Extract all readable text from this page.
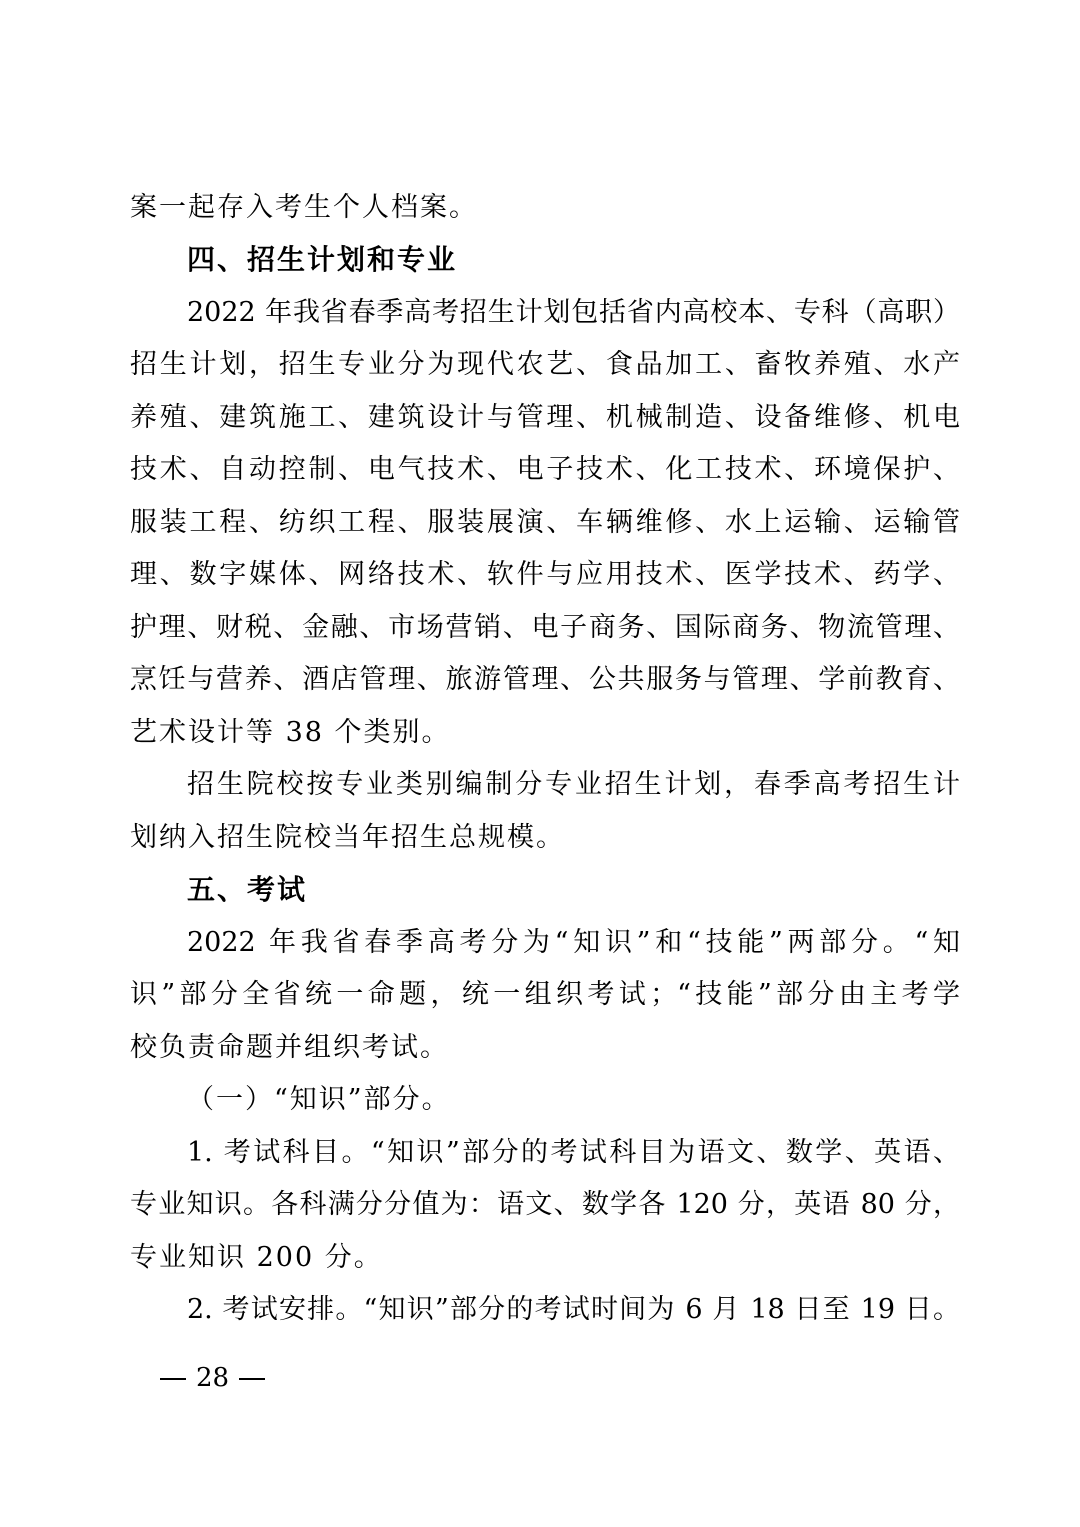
案一起存入考生个人档案。
四、招生计划和专业
2022 年我省春季高考招生计划包括省内高校本、专科（高职）
招生计划，招生专业分为现代农艺、食品加工、畜牧养殖、水产
养殖、建筑施工、建筑设计与管理、机械制造、设备维修、机电
技术、自动控制、电气技术、电子技术、化工技术、环境保护、
服装工程、纺织工程、服装展演、车辆维修、水上运输、运输管
理、数字媒体、网络技术、软件与应用技术、医学技术、药学、
护理、财税、金融、市场营销、电子商务、国际商务、物流管理、
烹饪与营养、酒店管理、旅游管理、公共服务与管理、学前教育、
艺术设计等 38 个类别。
招生院校按专业类别编制分专业招生计划，春季高考招生计
划纳入招生院校当年招生总规模。
五、考试
2022 年我省春季高考分为“知识”和“技能”两部分。“知
识”部分全省统一命题，统一组织考试；“技能”部分由主考学
校负责命题并组织考试。
（一）“知识”部分。
1. 考试科目。“知识”部分的考试科目为语文、数学、英语、
专业知识。各科满分分值为：语文、数学各 120 分，英语 80 分，
专业知识 200 分。
2. 考试安排。“知识”部分的考试时间为 6 月 18 日至 19 日。
28
